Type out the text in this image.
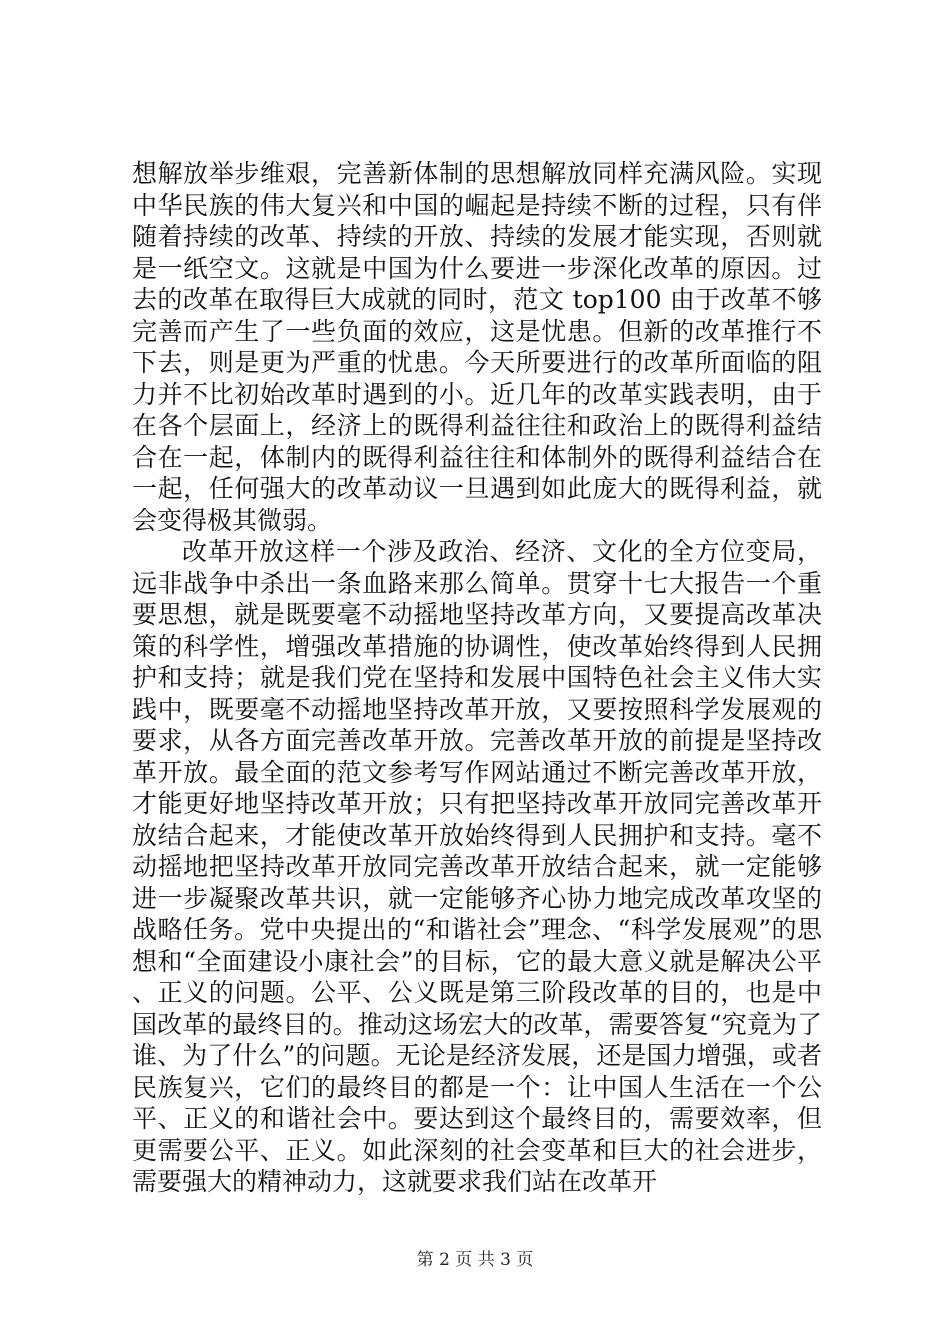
想解放举步维艰，完善新体制的思想解放同样充满风险。实现中华民族的伟大复兴和中国的崛起是持续不断的过程，只有伴随着持续的改革、持续的开放、持续的发展才能实现，否则就是一纸空文。这就是中国为什么要进一步深化改革的原因。过去的改革在取得巨大成就的同时，范文 top100 由于改革不够完善而产生了一些负面的效应，这是忧患。但新的改革推行不下去，则是更为严重的忧患。今天所要进行的改革所面临的阻力并不比初始改革时遇到的小。近几年的改革实践表明，由于在各个层面上，经济上的既得利益往往和政治上的既得利益结合在一起，体制内的既得利益往往和体制外的既得利益结合在一起，任何强大的改革动议一旦遇到如此庞大的既得利益，就会变得极其微弱。

改革开放这样一个涉及政治、经济、文化的全方位变局，远非战争中杀出一条血路来那么简单。贯穿十七大报告一个重要思想，就是既要毫不动摇地坚持改革方向，又要提高改革决策的科学性，增强改革措施的协调性，使改革始终得到人民拥护和支持；就是我们党在坚持和发展中国特色社会主义伟大实践中，既要毫不动摇地坚持改革开放，又要按照科学发展观的要求，从各方面完善改革开放。完善改革开放的前提是坚持改革开放。最全面的范文参考写作网站通过不断完善改革开放，才能更好地坚持改革开放；只有把坚持改革开放同完善改革开放结合起来，才能使改革开放始终得到人民拥护和支持。毫不动摇地把坚持改革开放同完善改革开放结合起来，就一定能够进一步凝聚改革共识，就一定能够齐心协力地完成改革攻坚的战略任务。党中央提出的“和谐社会”理念、“科学发展观”的思想和“全面建设小康社会”的目标，它的最大意义就是解决公平、正义的问题。公平、公义既是第三阶段改革的目的，也是中国改革的最终目的。推动这场宏大的改革，需要答复“究竟为了谁、为了什么”的问题。无论是经济发展，还是国力增强，或者民族复兴，它们的最终目的都是一个：让中国人生活在一个公平、正义的和谐社会中。要达到这个最终目的，需要效率，但更需要公平、正义。如此深刻的社会变革和巨大的社会进步，需要强大的精神动力，这就要求我们站在改革开

第 2 页 共 3 页
